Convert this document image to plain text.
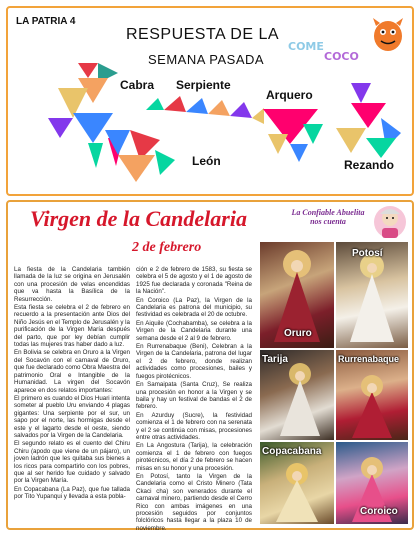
LA PATRIA 4
RESPUESTA DE LA
SEMANA PASADA
COME
COCO
Cabra Serpiente
Arquero
León	Rezando
Virgen de la Candelaria
2 de febrero
La Confiable Abuelita
nos cuenta

La fiesta de la Candelaria también llamada de la luz se origina en Jerusalén con una procesión de velas encendidas que va hasta la Basílica de la Resurrección.

Esta fiesta se celebra el 2 de febrero en recuerdo a la presentación ante Dios del Niño Jesús en el Templo de Jerusalén y la purificación de la Virgen María después del parto, que por ley debían cumplir todas las mujeres tras haber dado a luz.

En Bolivia se celebra en Oruro a la Virgen del Socavón con el carnaval de Oruro, que fue declarado como Obra Maestra del patrimonio Oral e Intangible de la Humanidad. La virgen del Socavón aparece en dos relatos importantes:

El primero es cuando el Dios Huari intenta someter al pueblo Uru enviando 4 plagas gigantes: Una serpiente por el sur, un sapo por el norte, las hormigas desde el este y el lagarto desde el oeste, siendo salvados por la Virgen de la Candelaria.

El segundo relato es el cuento del Chiru Chiru (apodo que viene de un pájaro), un joven ladrón que les quitaba sus bienes a los ricos para compartirlo con los pobres, que al ser herido fue cuidado y salvado por la Virgen María.

En Copacabana (La Paz), que fue tallada por Tito Yupanqui y llevada a esta pobla-

ción e 2 de febrero de 1583, su fiesta se celebra el 5 de agosto y el 1 de agosto de 1925 fue declarada y coronada "Reina de la Nación".

En Coroico (La Paz), la Virgen de la Candelaria es patrona del municipio, su festividad es celebrada el 20 de octubre.

En Aiquile (Cochabamba), se celebra a la Virgen de la Candelaria durante una semana desde el 2 al 9 de febrero.

En Rurrenabaque (Beni), Celebran a la Virgen de la Candelaria, patrona del lugar el 2 de febrero, donde realizan actividades como procesiones, bailes y fuegos pirotécnicos.

En Samaipata (Santa Cruz), Se realiza una procesión en honor a la Virgen y se baila y hay un festival de bandas el 2 de febrero.

En Azurduy (Sucre), la festividad comienza el 1 de febrero con na serenata y el 2 se continúa con misas, procesiones entre otras actividades.

En La Angostura (Tarija), la celebración comienza el 1 de febrero con fuegos pirotécnicos, el día 2 de febrero se hacen misas en su honor y una procesión.

En Potosí, tanto la Virgen de la Candelaria como el Cristo Minero (Tata Ckaci cha) son venerados durante el carnaval minero, partiendo desde el Cerro Rico con ambas imágenes en una procesión seguidos por conjuntos folclóricos hasta llegar a la plaza 10 de noviembre.

Oruro
Potosí
Tarija	Rurrenabaque
Copacabana
Coroico
